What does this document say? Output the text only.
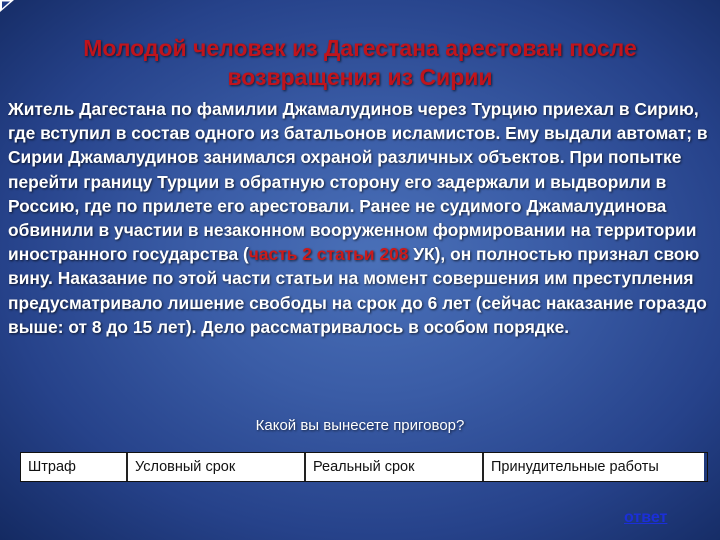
Молодой человек из Дагестана арестован после возвращения из Сирии
Житель Дагестана по фамилии Джамалудинов через Турцию приехал в Сирию, где вступил в состав одного из батальонов исламистов. Ему выдали автомат; в Сирии Джамалудинов занимался охраной различных объектов. При попытке перейти границу Турции в обратную сторону его задержали и выдворили в Россию, где по прилете его арестовали. Ранее не судимого Джамалудинова обвинили в участии в незаконном вооруженном формировании на территории иностранного государства (часть 2 статьи 208 УК), он полностью признал свою вину. Наказание по этой части статьи на момент совершения им преступления предусматривало лишение свободы на срок до 6 лет (сейчас наказание гораздо выше: от 8 до 15 лет). Дело рассматривалось в особом порядке.
Какой вы вынесете приговор?
Штраф	Условный срок	Реальный срок	Принудительные работы
ответ
